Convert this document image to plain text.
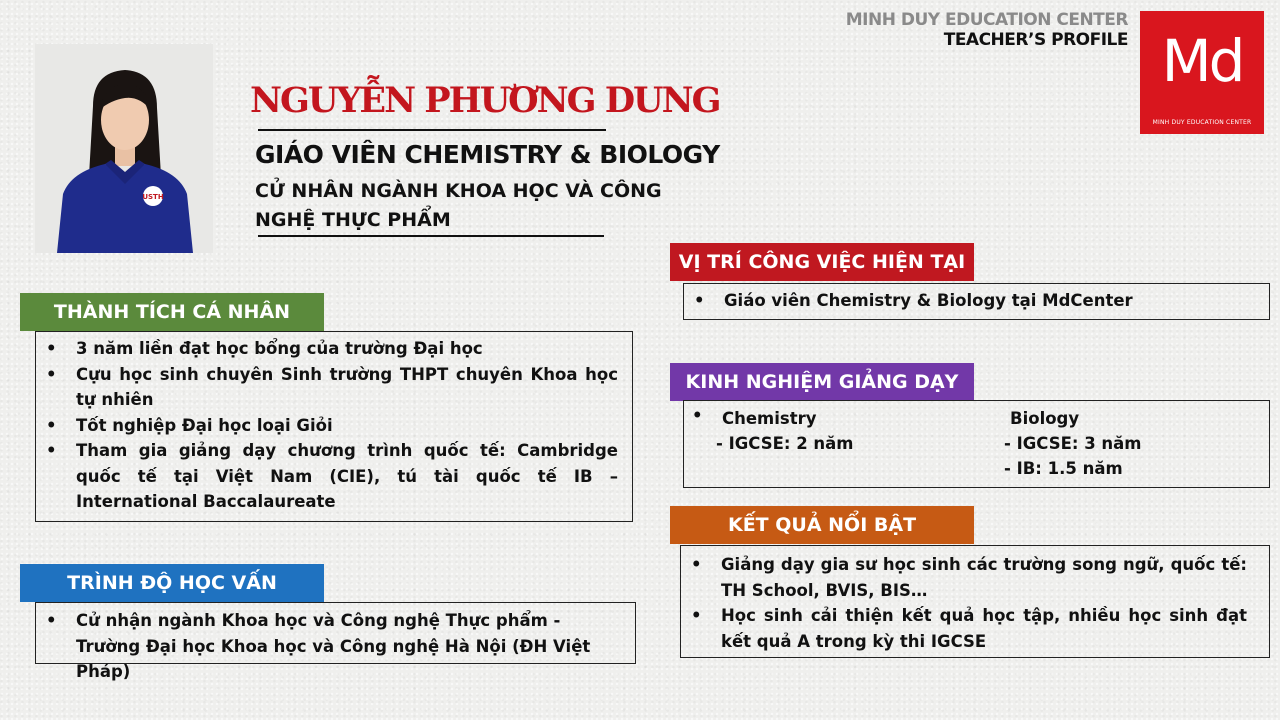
MINH DUY EDUCATION CENTER
TEACHER’S PROFILE Md
MINH DUY EDUCATION CENTER
USTH
NGUYỄN PHƯƠNG DUNG
GIÁO VIÊN CHEMISTRY & BIOLOGY
CỬ NHÂN NGÀNH KHOA HỌC VÀ CÔNG NGHỆ THỰC PHẨM
THÀNH TÍCH CÁ NHÂN
• 3 năm liền đạt học bổng của trường Đại học
• Cựu học sinh chuyên Sinh trường THPT chuyên Khoa học tự nhiên
• Tốt nghiệp Đại học loại Giỏi
• Tham gia giảng dạy chương trình quốc tế: Cambridge quốc tế tại Việt Nam (CIE), tú tài quốc tế IB – International Baccalaureate
TRÌNH ĐỘ HỌC VẤN
• Cử nhận ngành Khoa học và Công nghệ Thực phẩm - Trường Đại học Khoa học và Công nghệ Hà Nội (ĐH Việt Pháp)
VỊ TRÍ CÔNG VIỆC HIỆN TẠI
• Giáo viên Chemistry & Biology tại MdCenter
KINH NGHIỆM GIẢNG DẠY
• Chemistry
- IGCSE: 2 năm
Biology
- IGCSE: 3 năm
- IB: 1.5 năm
KẾT QUẢ NỔI BẬT
• Giảng dạy gia sư học sinh các trường song ngữ, quốc tế: TH School, BVIS, BIS…
• Học sinh cải thiện kết quả học tập, nhiều học sinh đạt kết quả A trong kỳ thi IGCSE
